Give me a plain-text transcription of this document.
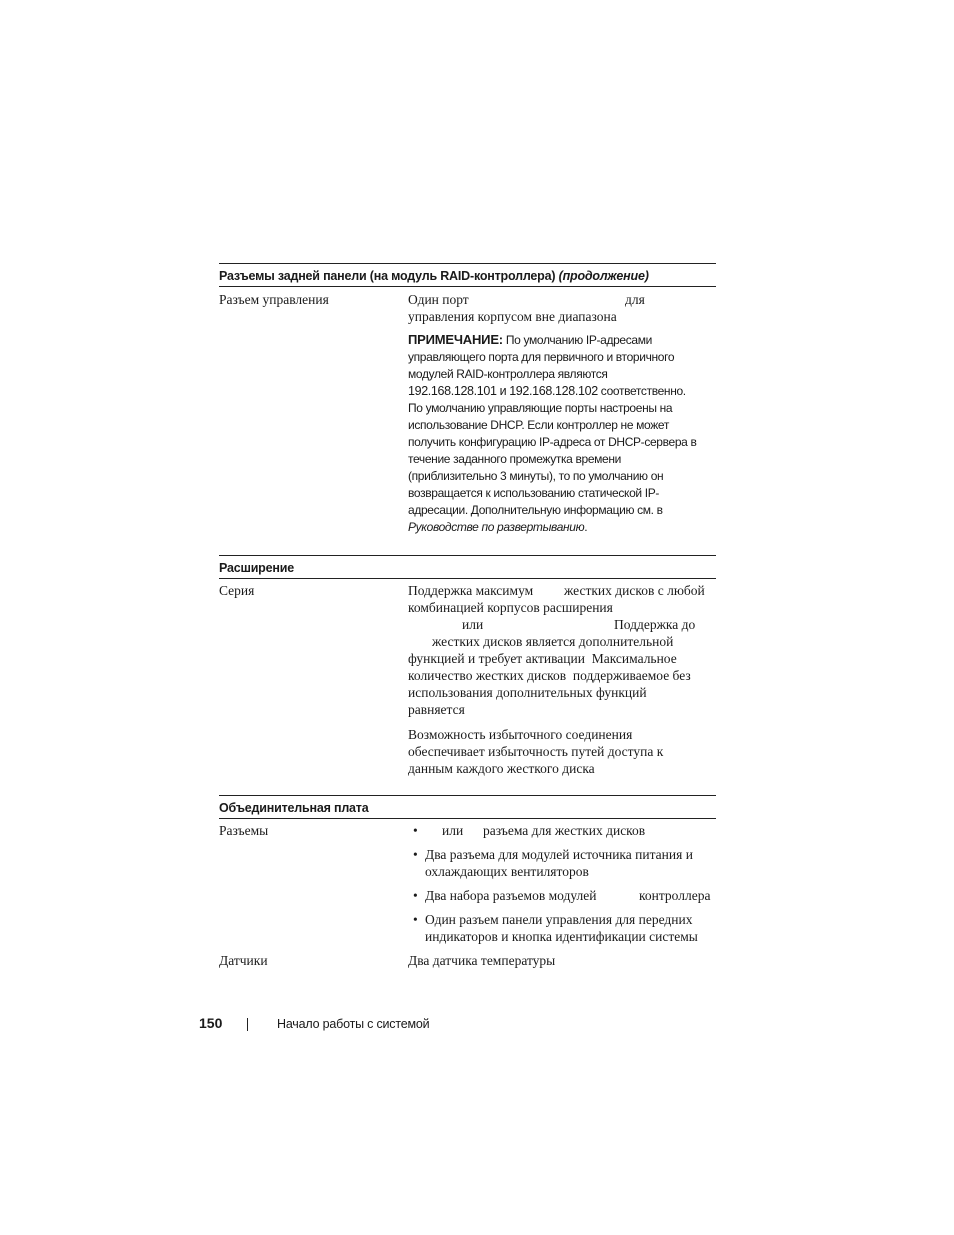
Разъемы задней панели (на модуль RAID-контроллера) (продолжение)
Разъем управления	Один порт	для
управления корпусом вне диапазона
ПРИМЕЧАНИЕ: По умолчанию IP-адресами
управляющего порта для первичного и вторичного
модулей RAID-контроллера являются
192.168.128.101 и 192.168.128.102 соответственно.
По умолчанию управляющие порты настроены на
использование DHCP. Если контроллер не может
получить конфигурацию IP-адреса от DHCP-сервера в
течение заданного промежутка времени
(приблизительно 3 минуты), то по умолчанию он
возвращается к использованию статической IP-
адресации. Дополнительную информацию см. в
Руководстве по развертыванию.
Расширение
Серия	Поддержка максимум жестких дисков с любой
комбинацией корпусов расширения
или	Поддержка до
жестких дисков является дополнительной
функцией и требует активации  Максимальное
количество жестких дисков  поддерживаемое без
использования дополнительных функций
равняется
Возможность избыточного соединения
обеспечивает избыточность путей доступа к
данным каждого жесткого диска
Объединительная плата
Разъемы	• или разъема для жестких дисков
• Два разъема для модулей источника питания и
охлаждающих вентиляторов
• Два набора разъемов модулей	контроллера
• Один разъем панели управления для передних
индикаторов и кнопка идентификации системы
Датчики	Два датчика температуры
150	Начало работы с системой
